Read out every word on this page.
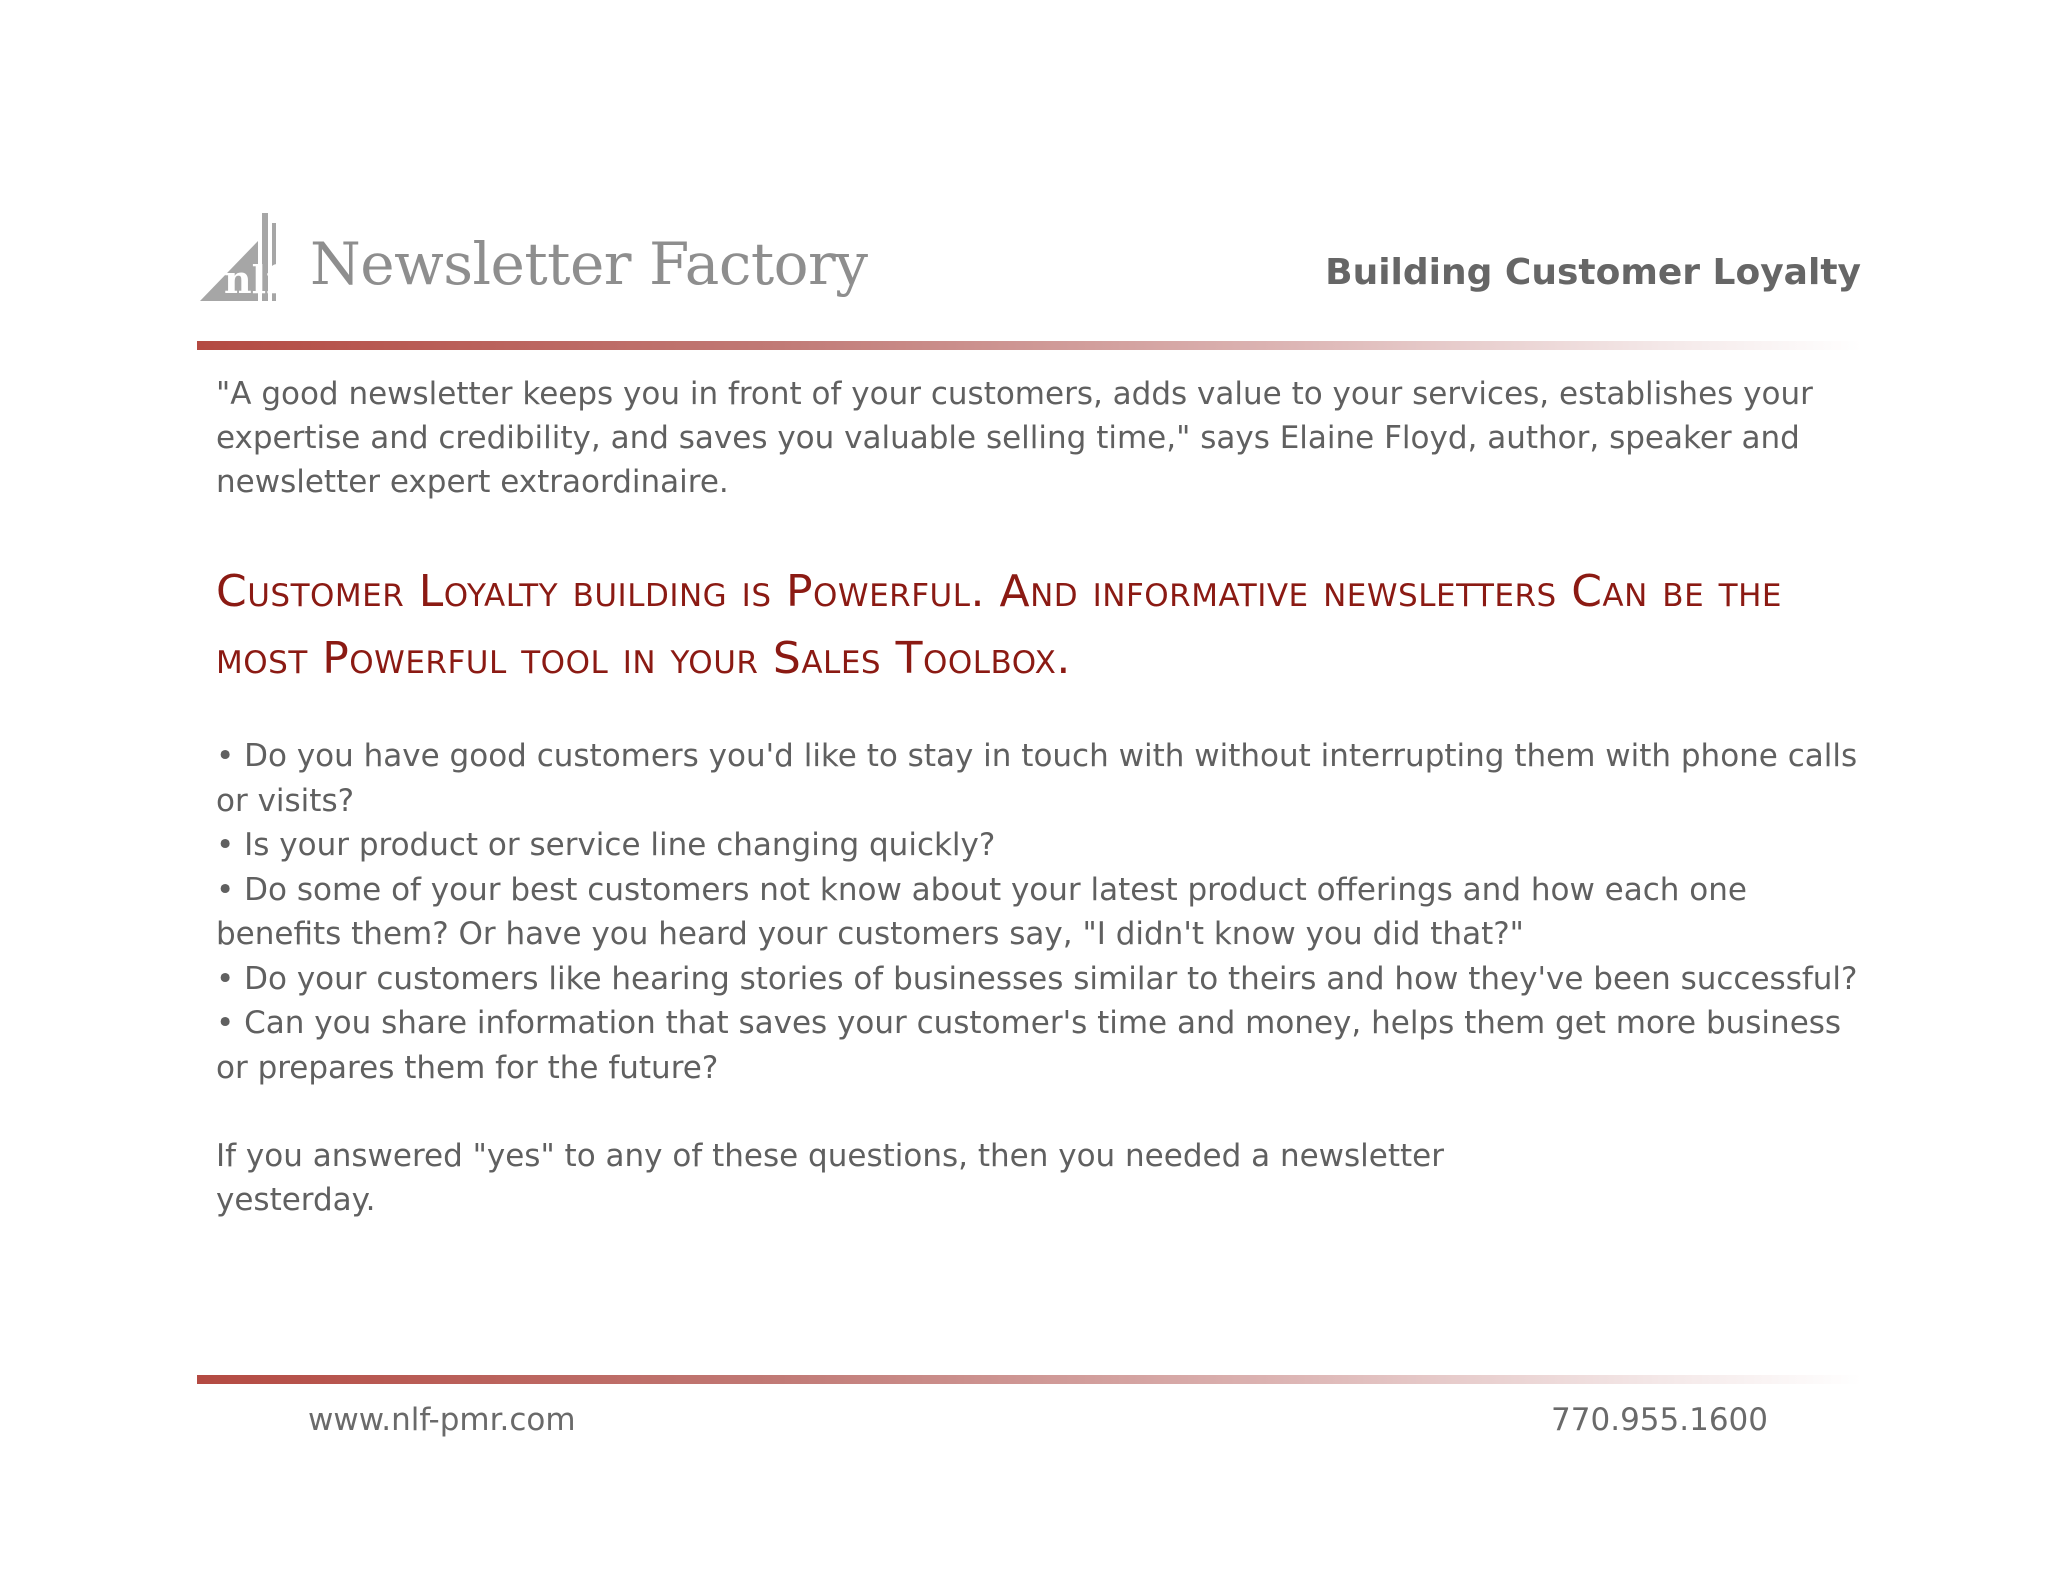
nlf Newsletter Factory	Building Customer Loyalty

"A good newsletter keeps you in front of your customers, adds value to your services, establishes your expertise and credibility, and saves you valuable selling time," says Elaine Floyd, author, speaker and newsletter expert extraordinaire.

Customer Loyalty building is Powerful. And informative newsletters Can be the most Powerful tool in your Sales Toolbox.
• Do you have good customers you'd like to stay in touch with without interrupting them with phone calls or visits?
• Is your product or service line changing quickly?
• Do some of your best customers not know about your latest product offerings and how each one benefits them? Or have you heard your customers say, "I didn't know you did that?"
• Do your customers like hearing stories of businesses similar to theirs and how they've been successful?
• Can you share information that saves your customer's time and money, helps them get more business or prepares them for the future?

If you answered "yes" to any of these questions, then you needed a newsletter yesterday.

www.nlf-pmr.com	770.955.1600
